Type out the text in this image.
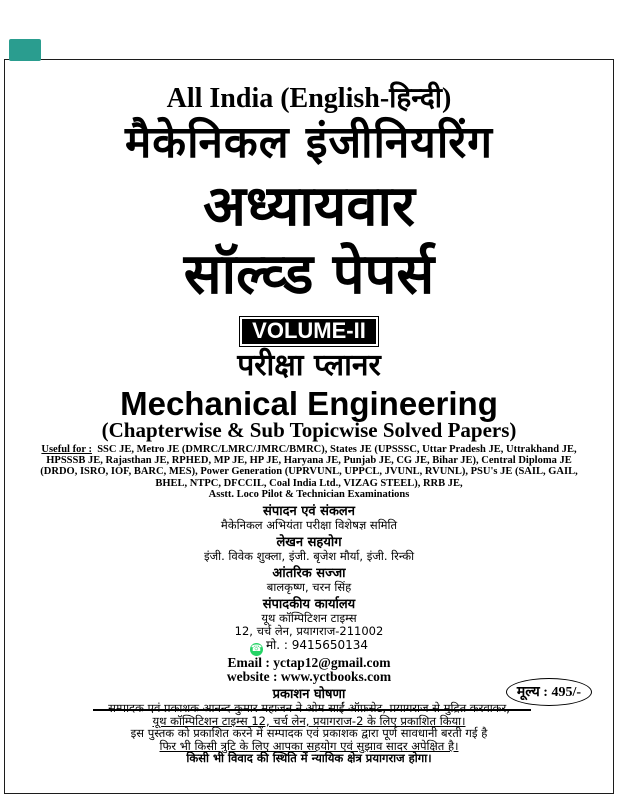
All India (English-हिन्दी)
मैकेनिकल इंजीनियरिंग
अध्यायवार
सॉल्व्ड पेपर्स
VOLUME-II
परीक्षा प्लानर
Mechanical Engineering
(Chapterwise & Sub Topicwise Solved Papers)
Useful for : SSC JE, Metro JE (DMRC/LMRC/JMRC/BMRC), States JE (UPSSSC, Uttar Pradesh JE, Uttrakhand JE,
HPSSSB JE, Rajasthan JE, RPHED, MP JE, HP JE, Haryana JE, Punjab JE, CG JE, Bihar JE), Central Diploma JE
(DRDO, ISRO, IOF, BARC, MES), Power Generation (UPRVUNL, UPPCL, JVUNL, RVUNL), PSU's JE (SAIL, GAIL,
BHEL, NTPC, DFCCIL, Coal India Ltd., VIZAG STEEL), RRB JE,
Asstt. Loco Pilot & Technician Examinations
संपादन एवं संकलन
मैकेनिकल अभियंता परीक्षा विशेषज्ञ समिति
लेखन सहयोग
इंजी. विवेक शुक्ला, इंजी. बृजेश मौर्या, इंजी. रिन्की
आंतरिक सज्जा
बालकृष्ण, चरन सिंह
संपादकीय कार्यालय
यूथ कॉम्पिटिशन टाइम्स
12, चर्च लेन, प्रयागराज-211002
☎ मो. : 9415650134
Email : yctap12@gmail.com
website : www.yctbooks.com
प्रकाशन घोषणा
सम्पादक एवं प्रकाशक आनन्द कुमार महाजन ने ओम साईं ऑफ़सेट, प्रयागराज से मुद्रित करवाकर,
यूथ कॉम्पिटिशन टाइम्स 12, चर्च लेन, प्रयागराज-2 के लिए प्रकाशित किया।
इस पुस्तक को प्रकाशित करने में सम्पादक एवं प्रकाशक द्वारा पूर्ण सावधानी बरती गई है
फिर भी किसी त्रुटि के लिए आपका सहयोग एवं सुझाव सादर अपेक्षित है।
किसी भी विवाद की स्थिति में न्यायिक क्षेत्र प्रयागराज होगा।
मूल्य : 495/-
